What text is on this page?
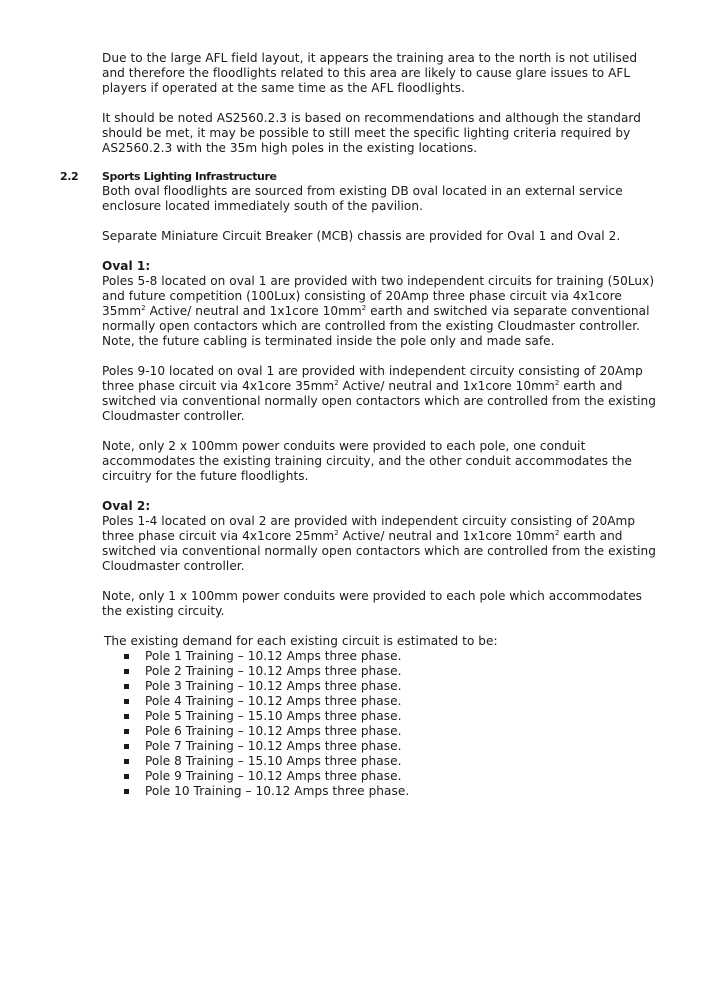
Due to the large AFL field layout, it appears the training area to the north is not utilised and therefore the floodlights related to this area are likely to cause glare issues to AFL players if operated at the same time as the AFL floodlights.

It should be noted AS2560.2.3 is based on recommendations and although the standard should be met, it may be possible to still meet the specific lighting criteria required by AS2560.2.3 with the 35m high poles in the existing locations.

2.2 Sports Lighting Infrastructure

Both oval floodlights are sourced from existing DB oval located in an external service enclosure located immediately south of the pavilion.

Separate Miniature Circuit Breaker (MCB) chassis are provided for Oval 1 and Oval 2.

Oval 1:

Poles 5-8 located on oval 1 are provided with two independent circuits for training (50Lux) and future competition (100Lux) consisting of 20Amp three phase circuit via 4x1core $35mm^2$ Active/ neutral and 1x1core $10mm^2$ earth and switched via separate conventional normally open contactors which are controlled from the existing Cloudmaster controller. Note, the future cabling is terminated inside the pole only and made safe.

Poles 9-10 located on oval 1 are provided with independent circuity consisting of 20Amp three phase circuit via 4x1core $35mm^2$ Active/ neutral and 1x1core $10mm^2$ earth and switched via conventional normally open contactors which are controlled from the existing Cloudmaster controller.

Note, only 2 x 100mm power conduits were provided to each pole, one conduit accommodates the existing training circuity, and the other conduit accommodates the circuitry for the future floodlights.

Oval 2:

Poles 1-4 located on oval 2 are provided with independent circuity consisting of 20Amp three phase circuit via 4x1core $25mm^2$ Active/ neutral and 1x1core $10mm^2$ earth and switched via conventional normally open contactors which are controlled from the existing Cloudmaster controller.

Note, only 1 x 100mm power conduits were provided to each pole which accommodates the existing circuity.

The existing demand for each existing circuit is estimated to be:

Pole 1 Training – 10.12 Amps three phase.
Pole 2 Training – 10.12 Amps three phase.
Pole 3 Training – 10.12 Amps three phase.
Pole 4 Training – 10.12 Amps three phase.
Pole 5 Training – 15.10 Amps three phase.
Pole 6 Training – 10.12 Amps three phase.
Pole 7 Training – 10.12 Amps three phase.
Pole 8 Training – 15.10 Amps three phase.
Pole 9 Training – 10.12 Amps three phase.
Pole 10 Training – 10.12 Amps three phase.
